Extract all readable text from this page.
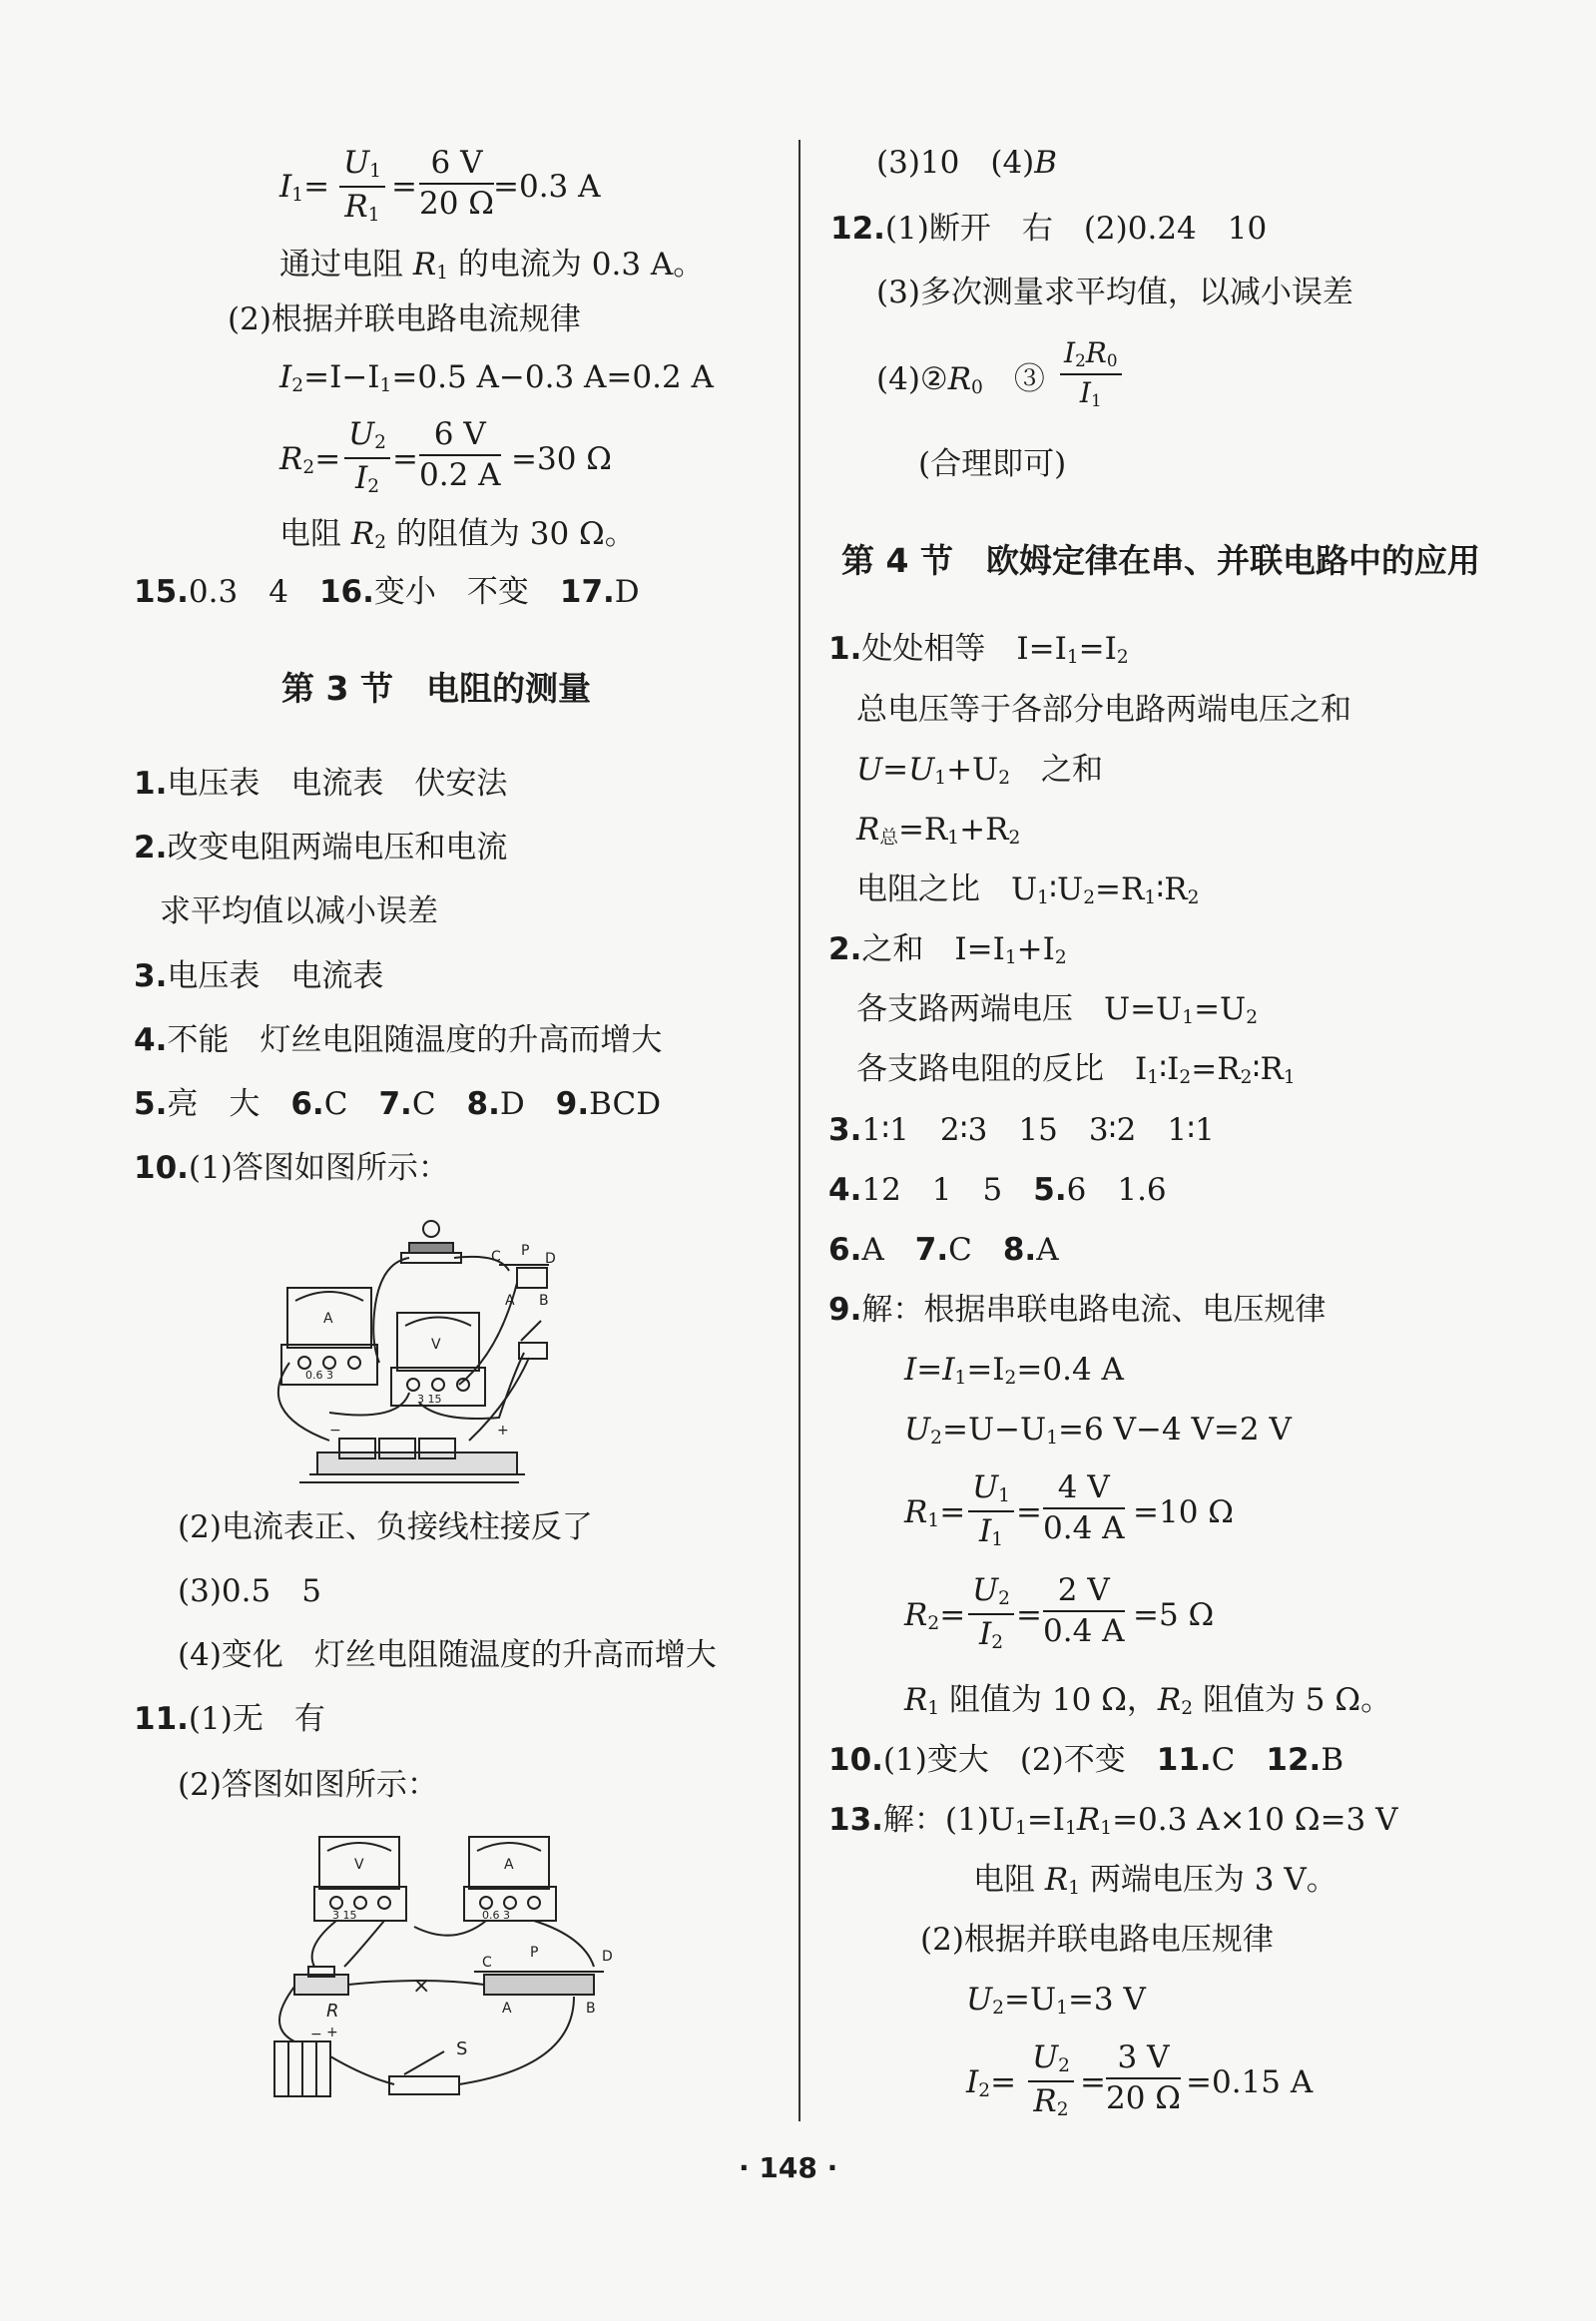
$I_1= \frac{U_1}{R_1} = \frac{6 V}{20 \Omega}$
=0.3 A
通过电阻 $R_1$ 的电流为 0.3 A。
(2)根据并联电路电流规律
$I_2=I-I_1=0.5$ A−0.3 A=0.2 A
$R_2= \frac{U_2}{I_2} = \frac{6 V}{0.2 A} =30$ Ω
电阻 $R_2$ 的阻值为 30 Ω。
15.0.3　4　16.变小　不变　17.D
第 3 节　电阻的测量
1.电压表　电流表　伏安法
2.改变电阻两端电压和电流
求平均值以减小误差
3.电压表　电流表
4.不能　灯丝电阻随温度的升高而增大
5.亮　大　6.C　7.C　8.D　9.BCD
10.(1)答图如图所示：
C P D
A B
A
V
0.6 3
3 15
−	+
(2)电流表正、负接线柱接反了
(3)0.5　5
(4)变化　灯丝电阻随温度的升高而增大
11.(1)无　有
(2)答图如图所示：
V	A
3 15	0.6 3
C
P	D
A	B
R
S
×
− +
(3)10　(4)B
12.(1)断开　右　(2)0.24　10
(3)多次测量求平均值，以减小误差
$(4)②R_0$　③ $\frac{I_2R_0}{I_1}$
(合理即可)
第 4 节　欧姆定律在串、并联电路中的应用
1.处处相等　$I=I_1=I_2$
总电压等于各部分电路两端电压之和
$U=U_1+U_2$　之和
$R_总=R_1+R_2$
电阻之比　$U_1∶U_2=R_1∶R_2$
2.之和　$I=I_1+I_2$
各支路两端电压　$U=U_1=U_2$
各支路电阻的反比　$I_1∶I_2=R_2∶R_1$
3.1∶1　2∶3　15　3∶2　1∶1
4.12　1　5　5.6　1.6
6.A　7.C　8.A
9.解：根据串联电路电流、电压规律
$I=I_1=I_2=0.4$ A
$U_2=U-U_1=6$ V−4 V=2 V
$R_1= \frac{U_1}{I_1} = \frac{4 V}{0.4 A} =10$ Ω
$R_2= \frac{U_2}{I_2} = \frac{2 V}{0.4 A} =5$ Ω
$R_1$ 阻值为 10 Ω，$R_2$ 阻值为 5 Ω。
10.(1)变大　(2)不变　11.C　12.B
13.解：$(1)U_1=I_1R_1=0.3$ A×10 Ω=3 V
电阻 $R_1$ 两端电压为 3 V。
(2)根据并联电路电压规律
$U_2=U_1=3$ V
$I_2= \frac{U_2}{R_2} = \frac{3 V}{20 \Omega} =0.15$ A
· 148 ·
